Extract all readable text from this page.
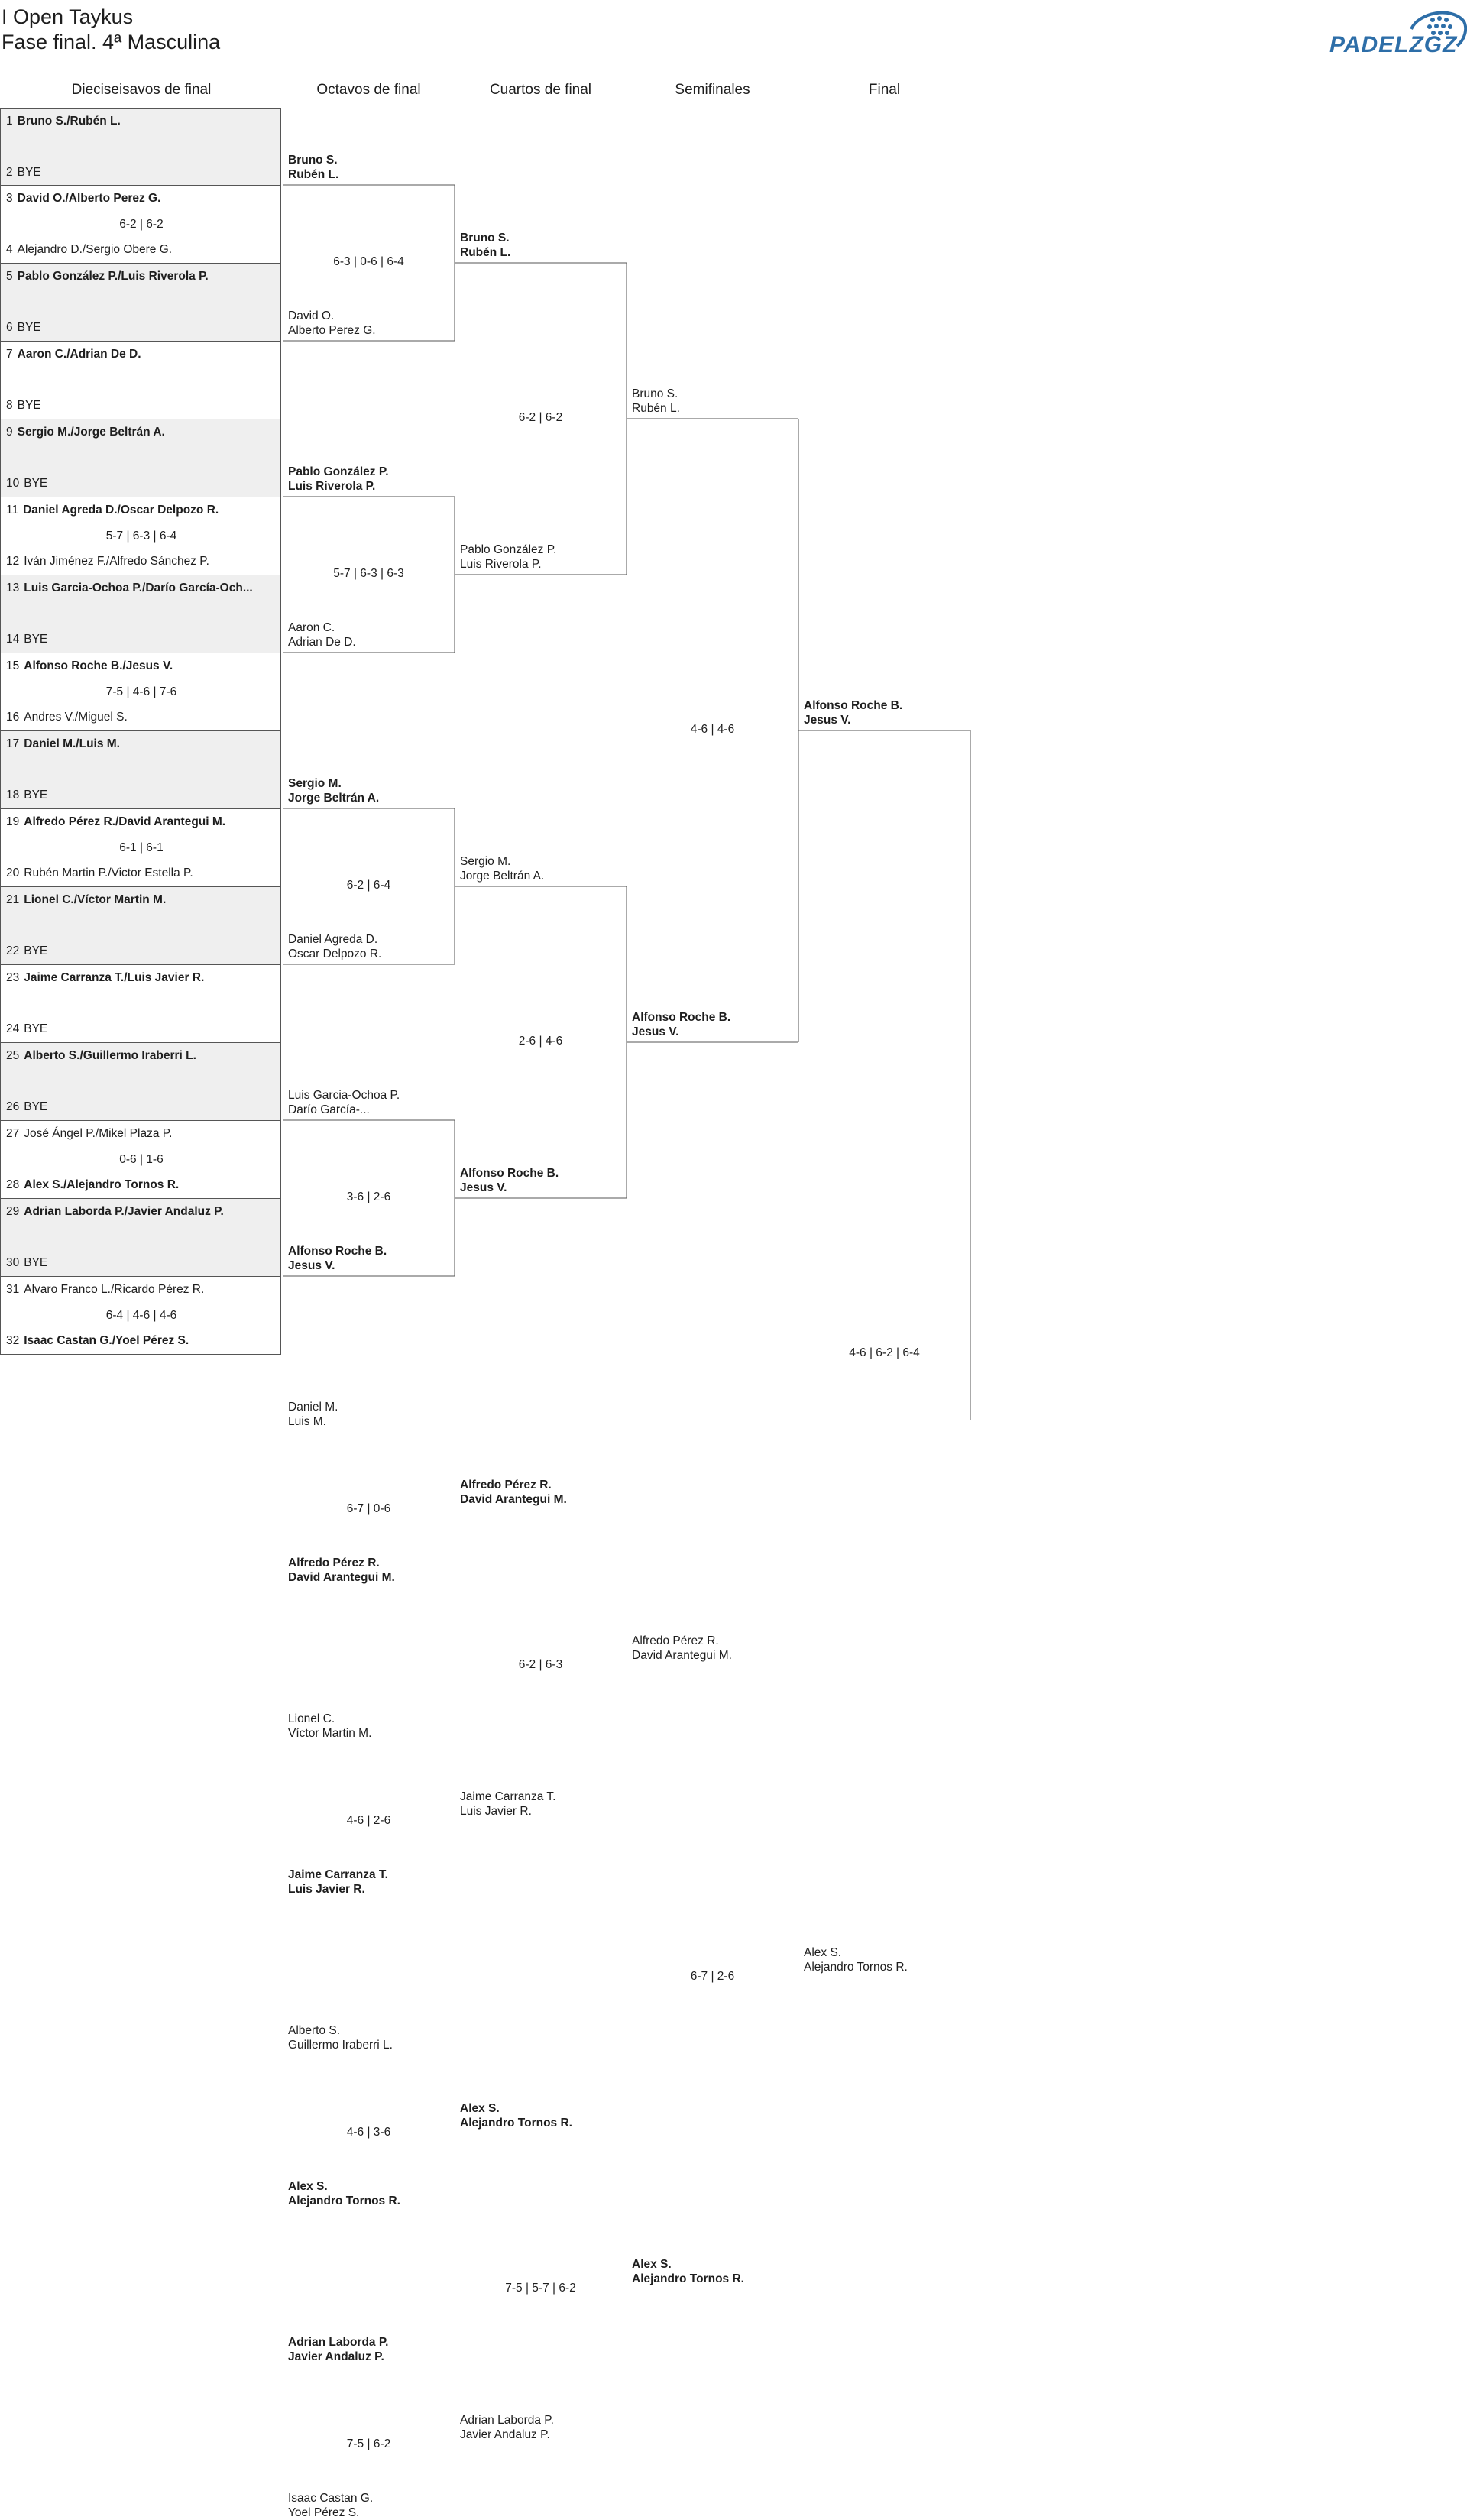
I Open Taykus
Fase final. 4ª Masculina	PADELZGZ
Dieciseisavos de final	Octavos de final	Cuartos de final	Semifinales	Final
1 Bruno S./Rubén L.
2 BYE
3 David O./Alberto Perez G.
4 Alejandro D./Sergio Obere G.
6-2 | 6-2
5 Pablo González P./Luis Riverola P.
6 BYE
7 Aaron C./Adrian De D.
8 BYE
9 Sergio M./Jorge Beltrán A.
10 BYE
11 Daniel Agreda D./Oscar Delpozo R.
12 Iván Jiménez F./Alfredo Sánchez P.
5-7 | 6-3 | 6-4
13 Luis Garcia-Ochoa P./Darío García-Och...
14 BYE
15 Alfonso Roche B./Jesus V.
16 Andres V./Miguel S.
7-5 | 4-6 | 7-6
17 Daniel M./Luis M.
18 BYE
19 Alfredo Pérez R./David Arantegui M.
20 Rubén Martin P./Victor Estella P.
6-1 | 6-1
21 Lionel C./Víctor Martin M.
22 BYE
23 Jaime Carranza T./Luis Javier R.
24 BYE
25 Alberto S./Guillermo Iraberri L.
26 BYE
27 José Ángel P./Mikel Plaza P.
28 Alex S./Alejandro Tornos R.
0-6 | 1-6
29 Adrian Laborda P./Javier Andaluz P.
30 BYE
31 Alvaro Franco L./Ricardo Pérez R.
32 Isaac Castan G./Yoel Pérez S.
6-4 | 4-6 | 4-6
Bruno S.
Rubén L.
David O.
Alberto Perez G.
6-3 | 0-6 | 6-4
Pablo González P.
Luis Riverola P.
Aaron C.
Adrian De D.
5-7 | 6-3 | 6-3
Sergio M.
Jorge Beltrán A.
Daniel Agreda D.
Oscar Delpozo R.
6-2 | 6-4
Luis Garcia-Ochoa P.
Darío García-...
Alfonso Roche B.
Jesus V.
3-6 | 2-6
Daniel M.
Luis M.
Alfredo Pérez R.
David Arantegui M.
6-7 | 0-6
Lionel C.
Víctor Martin M.
Jaime Carranza T.
Luis Javier R.
4-6 | 2-6
Alberto S.
Guillermo Iraberri L.
Alex S.
Alejandro Tornos R.
4-6 | 3-6
Adrian Laborda P.
Javier Andaluz P.
Isaac Castan G.
Yoel Pérez S.
7-5 | 6-2
Bruno S.
Rubén L.
Pablo González P.
Luis Riverola P.
6-2 | 6-2
Sergio M.
Jorge Beltrán A.
Alfonso Roche B.
Jesus V.
2-6 | 4-6
Alfredo Pérez R.
David Arantegui M.
Jaime Carranza T.
Luis Javier R.
6-2 | 6-3
Alex S.
Alejandro Tornos R.
Adrian Laborda P.
Javier Andaluz P.
7-5 | 5-7 | 6-2
Bruno S.
Rubén L.
Alfonso Roche B.
Jesus V.
4-6 | 4-6
Alfredo Pérez R.
David Arantegui M.
Alex S.
Alejandro Tornos R.
6-7 | 2-6
Alfonso Roche B.
Jesus V.
Alex S.
Alejandro Tornos R.
4-6 | 6-2 | 6-4
